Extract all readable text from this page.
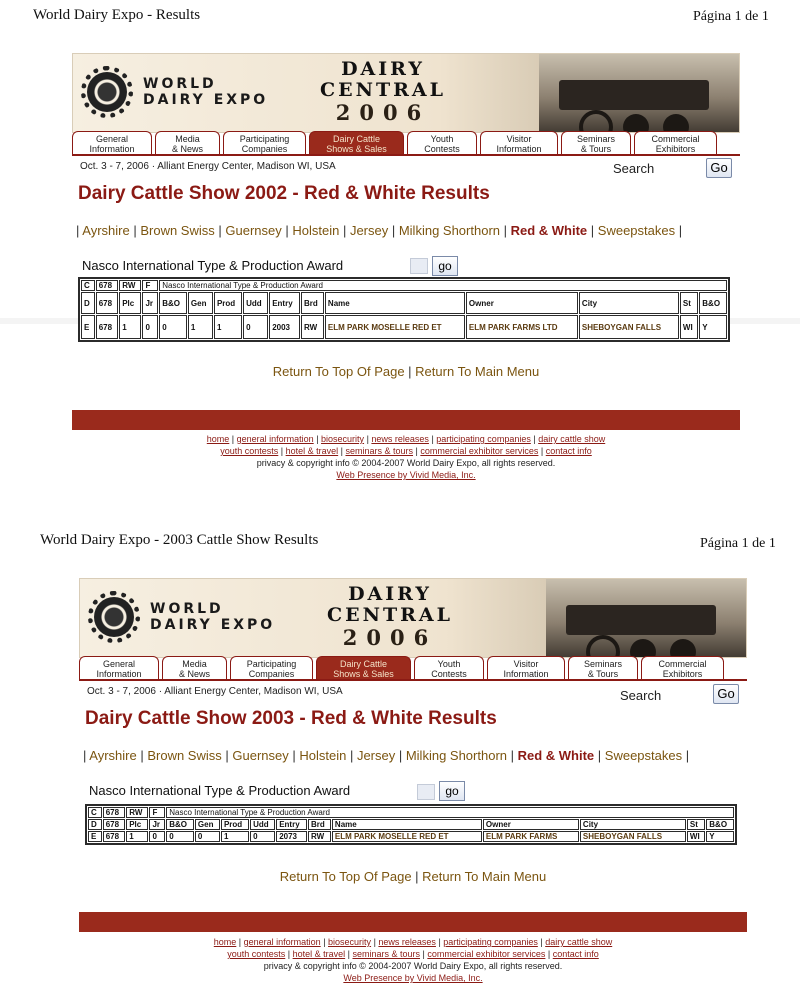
World Dairy Expo - Results	Página 1 de 1
WORLD
DAIRY EXPO
DAIRY
CENTRAL
2006
General
Information
Media
& News
Participating
Companies
Dairy Cattle
Shows & Sales
Youth
Contests
Visitor
Information
Seminars
& Tours
Commercial
Exhibitors
Oct. 3 - 7, 2006 · Alliant Energy Center, Madison WI, USA	Search	Go
Dairy Cattle Show 2002 - Red & White Results
| Ayrshire | Brown Swiss | Guernsey | Holstein | Jersey | Milking Shorthorn | Red & White | Sweepstakes |
Nasco International Type & Production Award	go
C	678	RW	F	Nasco International Type & Production Award										
D	678	Plc	Jr	B&O	Gen	Prod	Udd	Entry	Brd	Name	Owner	City	St	B&O
E	678	1	0	0	1	1	0	2003	RW	ELM PARK MOSELLE RED ET	ELM PARK FARMS LTD	SHEBOYGAN FALLS	WI	Y
Return To Top Of Page | Return To Main Menu
home | general information | biosecurity | news releases | participating companies | dairy cattle show
youth contests | hotel & travel | seminars & tours | commercial exhibitor services | contact info
privacy & copyright info © 2004-2007 World Dairy Expo, all rights reserved.
Web Presence by Vivid Media, Inc.
World Dairy Expo - 2003 Cattle Show Results	Página 1 de 1
WORLD
DAIRY EXPO
DAIRY
CENTRAL
2006
General
Information
Media
& News
Participating
Companies
Dairy Cattle
Shows & Sales
Youth
Contests
Visitor
Information
Seminars
& Tours
Commercial
Exhibitors
Oct. 3 - 7, 2006 · Alliant Energy Center, Madison WI, USA	Search	Go
Dairy Cattle Show 2003 - Red & White Results
| Ayrshire | Brown Swiss | Guernsey | Holstein | Jersey | Milking Shorthorn | Red & White | Sweepstakes |
Nasco International Type & Production Award	go
C	678	RW	F	Nasco International Type & Production Award										
D	678	Plc	Jr	B&O	Gen	Prod	Udd	Entry	Brd	Name	Owner	City	St	B&O
E	678	1	0	0	0	1	0	2073	RW	ELM PARK MOSELLE RED ET	ELM PARK FARMS	SHEBOYGAN FALLS	WI	Y
Return To Top Of Page | Return To Main Menu
home | general information | biosecurity | news releases | participating companies | dairy cattle show
youth contests | hotel & travel | seminars & tours | commercial exhibitor services | contact info
privacy & copyright info © 2004-2007 World Dairy Expo, all rights reserved.
Web Presence by Vivid Media, Inc.
